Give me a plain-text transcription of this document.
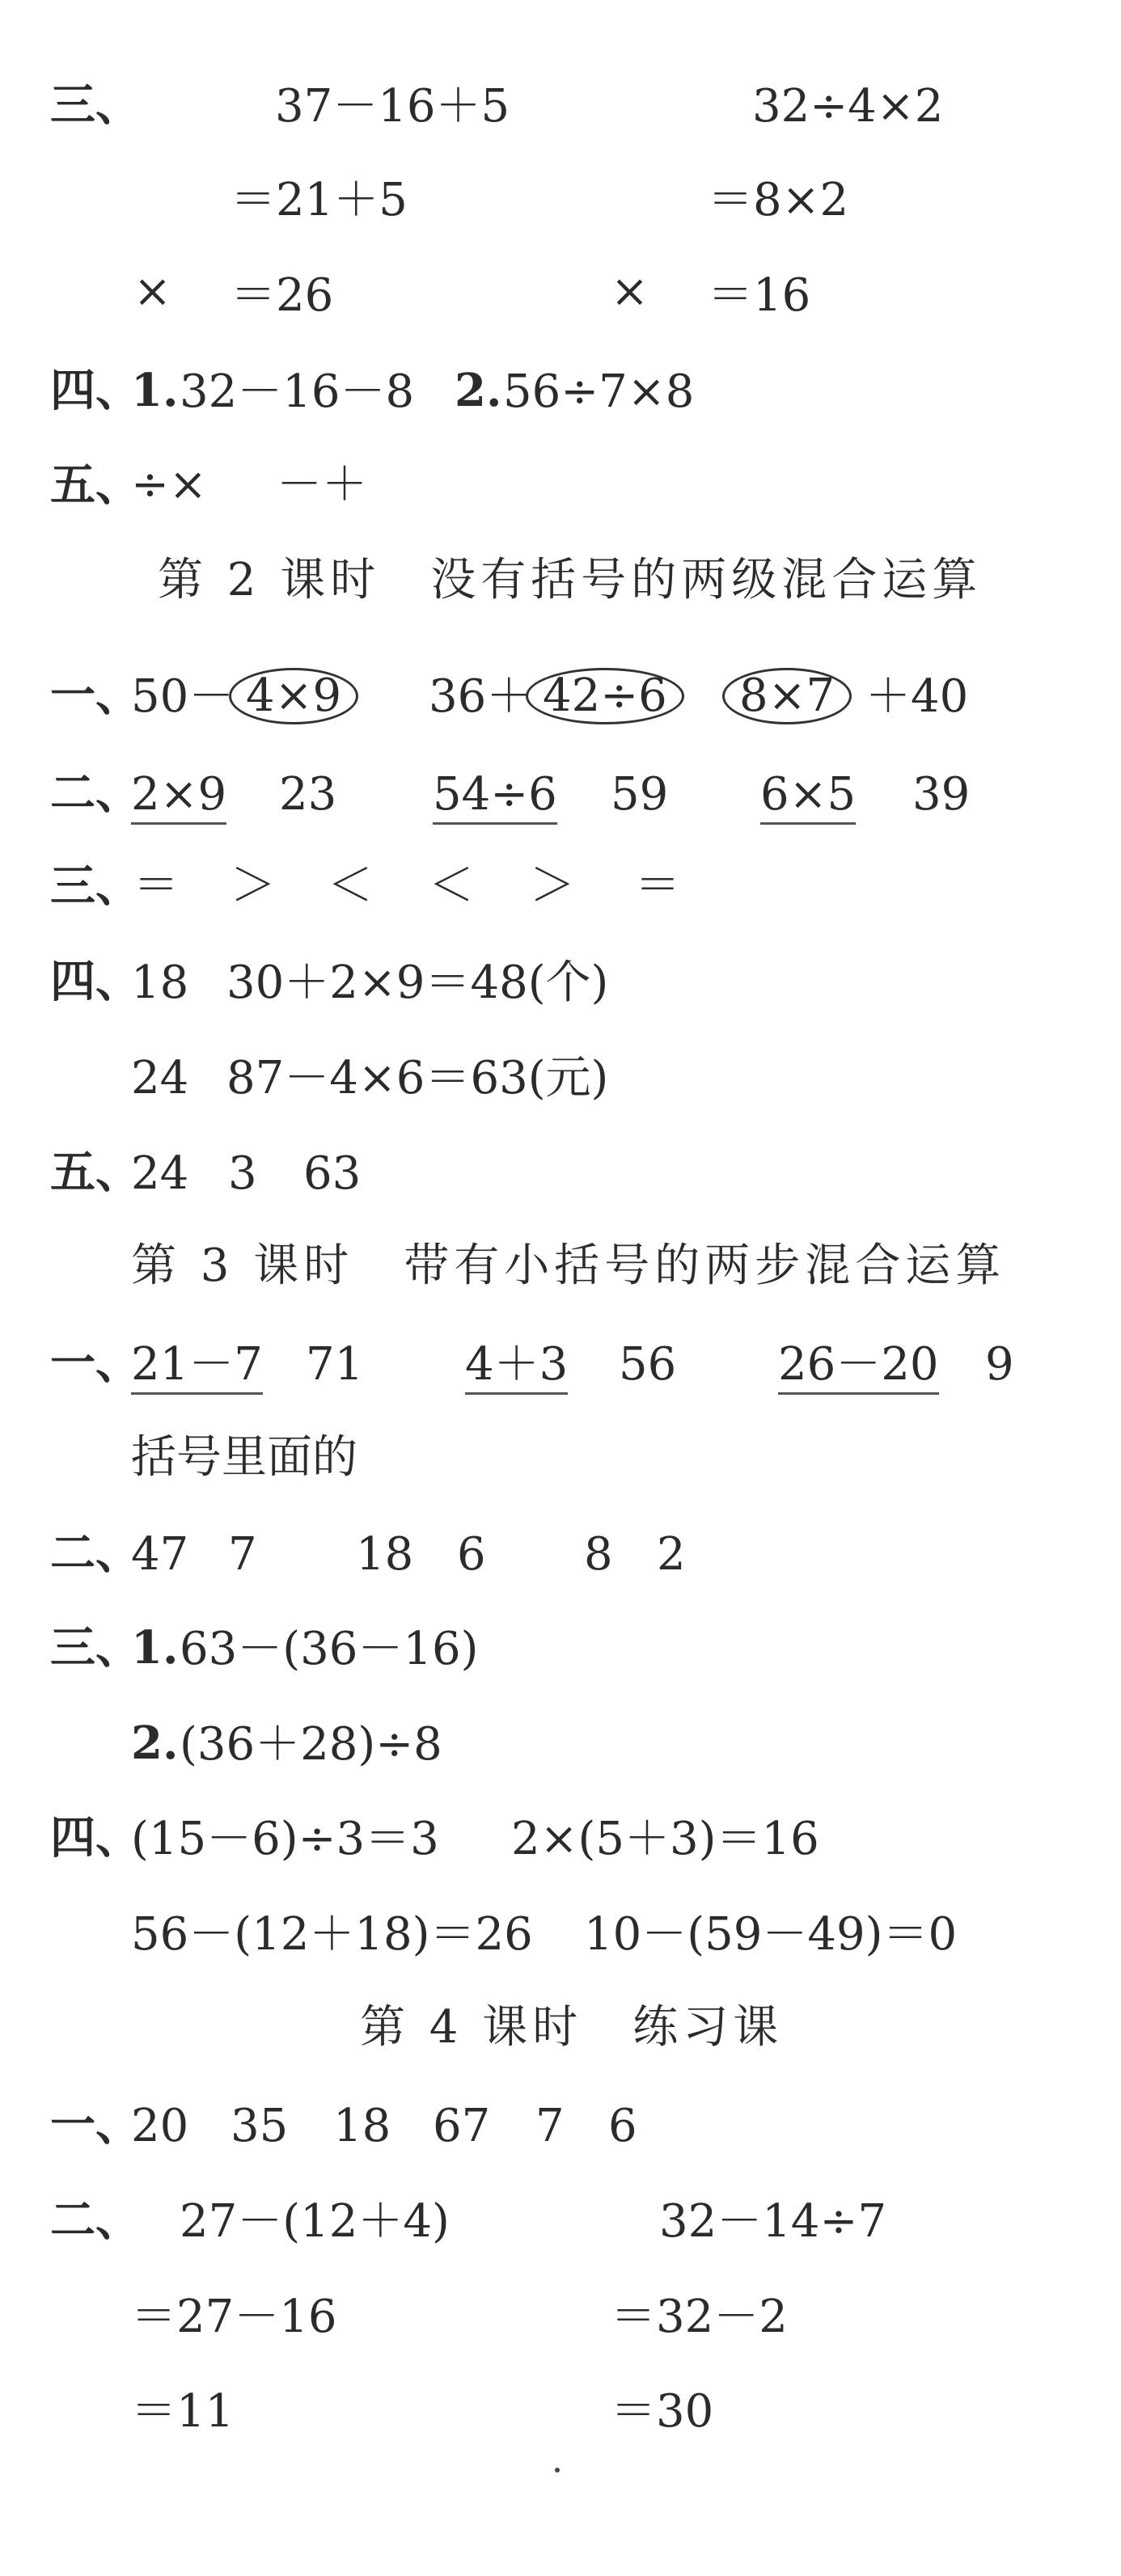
三、	37－16＋5	32÷4×2
＝21＋5	＝8×2
× ＝26	× ＝16
四、
1. 32－16－8 2. 56÷7×8
五、
÷× －＋
第 2 课时　没有括号的两级混合运算
一、
50－ 4×9	36＋ 42÷6	8×7 ＋40
二、
2×9 23 54÷6 59 6×5 39
三、
＝ ＞ ＜ ＜ ＞ ＝
四、
18 30＋2×9＝48(个)
24 87－4×6＝63(元)
五、
24 3 63
第 3 课时　带有小括号的两步混合运算
一、
21－7 71 4＋3 56 26－20 9
括号里面的
二、
47 7 18 6 8 2
三、
1. 63－(36－16)
2. (36＋28)÷8
四、
(15－6)÷3＝3 2×(5＋3)＝16
56－(12＋18)＝26 10－(59－49)＝0
第 4 课时　练习课
一、
20 35 18 67 7 6
二、 27－(12＋4)	32－14÷7
＝27－16	＝32－2
＝11	＝30
